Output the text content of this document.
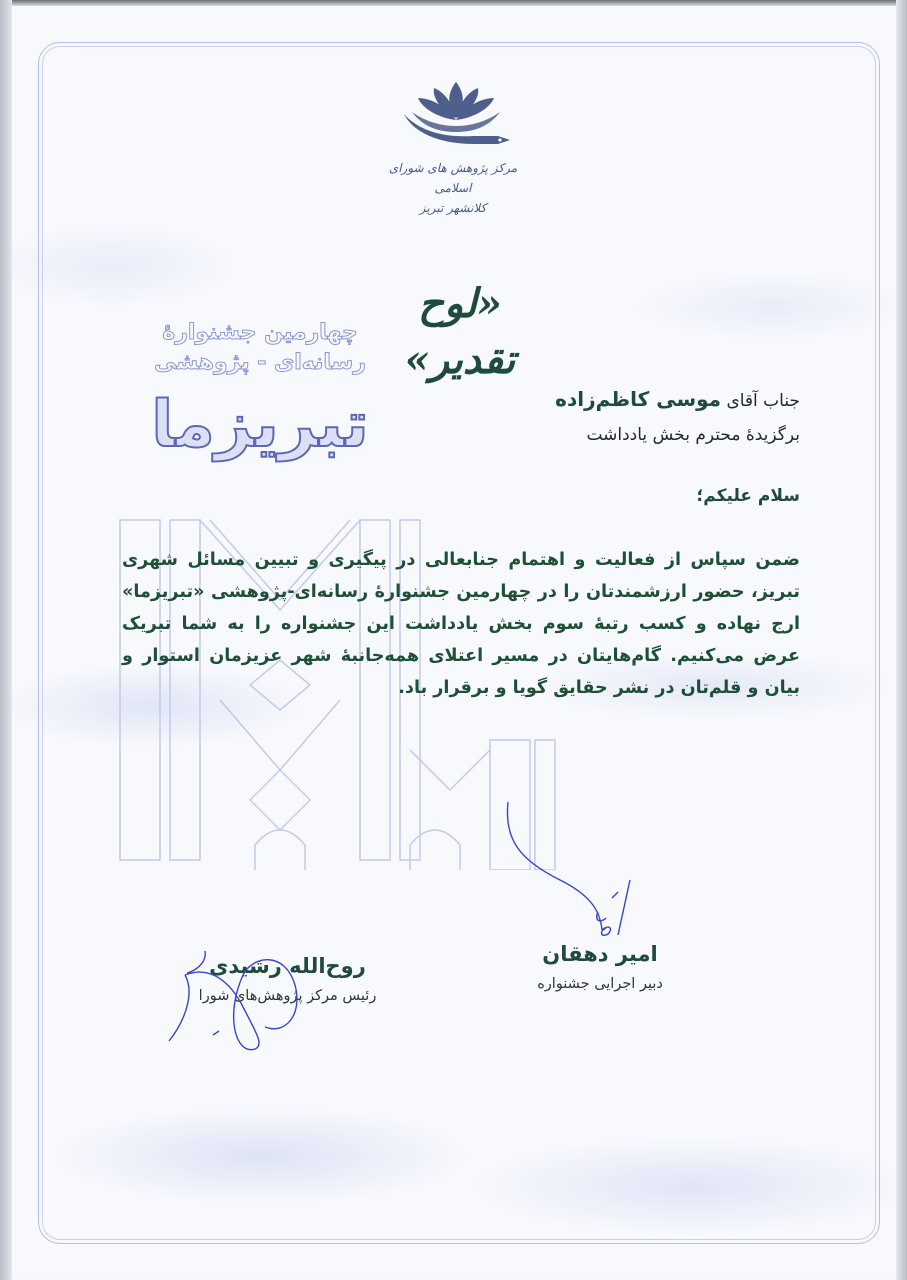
مرکز پژوهش های شورای اسلامی
کلانشهر تبریز
«لوح تقدیر»
چهارمین جشنوارهٔ
رسانه‌ای - پژوهشی
تبریزما	جناب آقای موسی کاظم‌زاده
برگزیدهٔ محترم بخش یادداشت
سلام علیکم؛
ضمن سپاس از فعالیت و اهتمام جنابعالی در پیگیری و تبیین مسائل شهری تبریز، حضور ارزشمندتان را در چهارمین جشنوارهٔ رسانه‌ای-پژوهشی «تبریزما» ارج نهاده و کسب رتبهٔ سوم بخش یادداشت این جشنواره را به شما تبریک عرض می‌کنیم. گام‌هایتان در مسیر اعتلای همه‌جانبهٔ شهر عزیزمان استوار و بیان و قلم‌تان در نشر حقایق گویا و برقرار باد.
امیر دهقان
دبیر اجرایی جشنواره
روح‌الله رشیدی
رئیس مرکز پژوهش‌های شورا
